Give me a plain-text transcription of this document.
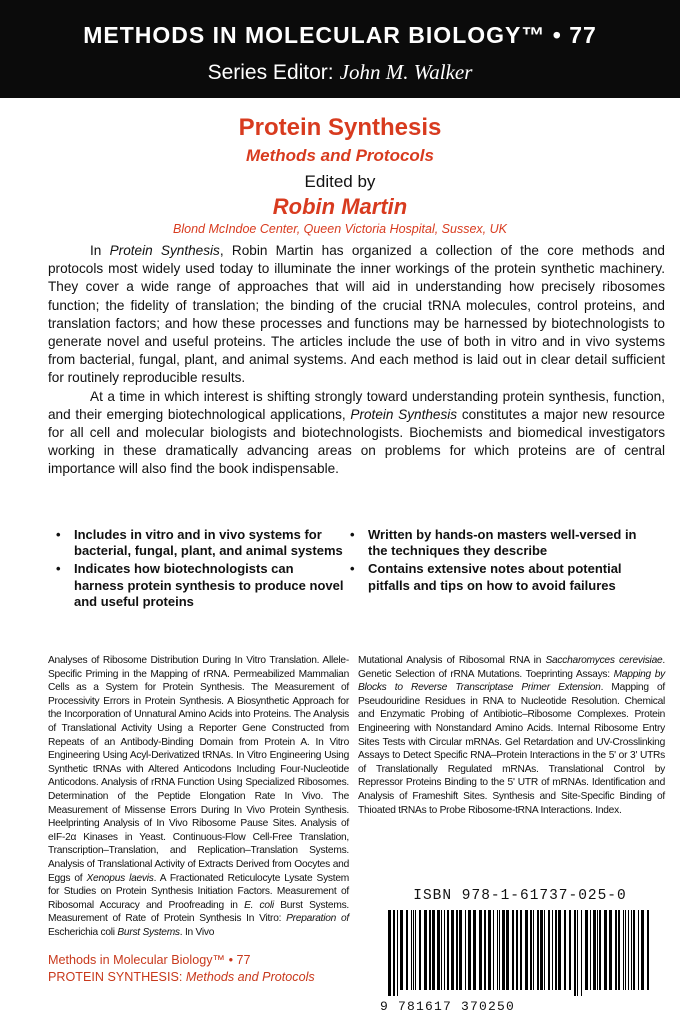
METHODS IN MOLECULAR BIOLOGY™ • 77
Series Editor: John M. Walker
Protein Synthesis
Methods and Protocols
Edited by
Robin Martin
Blond McIndoe Center, Queen Victoria Hospital, Sussex, UK

In Protein Synthesis, Robin Martin has organized a collection of the core methods and protocols most widely used today to illuminate the inner workings of the protein synthetic machinery. They cover a wide range of approaches that will aid in understanding how precisely ribosomes function; the fidelity of translation; the binding of the crucial tRNA molecules, control proteins, and translation factors; and how these processes and functions may be harnessed by biotechnologists to generate novel and useful proteins. The articles include the use of both in vitro and in vivo systems from bacterial, fungal, plant, and animal systems. And each method is laid out in clear detail sufficient for routinely reproducible results.

At a time in which interest is shifting strongly toward understanding protein synthesis, function, and their emerging biotechnological applications, Protein Synthesis constitutes a major new resource for all cell and molecular biologists and biotechnologists. Biochemists and biomedical investigators working in these dramatically advancing areas on problems for which proteins are of central importance will also find the book indispensable.

• Includes in vitro and in vivo systems for bacterial, fungal, plant, and animal systems
• Indicates how biotechnologists can harness protein synthesis to produce novel and useful proteins
• Written by hands-on masters well-versed in the techniques they describe
• Contains extensive notes about potential pitfalls and tips on how to avoid failures
Analyses of Ribosome Distribution During In Vitro Translation. Allele-Specific Priming in the Mapping of rRNA. Permeabilized Mammalian Cells as a System for Protein Synthesis. The Measurement of Processivity Errors in Protein Synthesis. A Biosynthetic Approach for the Incorporation of Unnatural Amino Acids into Proteins. The Analysis of Translational Activity Using a Reporter Gene Constructed from Repeats of an Antibody-Binding Domain from Protein A. In Vitro Engineering Using Acyl-Derivatized tRNAs. In Vitro Engineering Using Synthetic tRNAs with Altered Anticodons Including Four-Nucleotide Anticodons. Analysis of rRNA Function Using Specialized Ribosomes. Determination of the Peptide Elongation Rate In Vivo. The Measurement of Missense Errors During In Vivo Protein Synthesis. Heelprinting Analysis of In Vivo Ribosome Pause Sites. Analysis of eIF-2α Kinases in Yeast. Continuous-Flow Cell-Free Translation, Transcription–Translation, and Replication–Translation Systems. Analysis of Translational Activity of Extracts Derived from Oocytes and Eggs of Xenopus laevis. A Fractionated Reticulocyte Lysate System for Studies on Protein Synthesis Initiation Factors. Measurement of Ribosomal Accuracy and Proofreading in E. coli Burst Systems. Measurement of Rate of Protein Synthesis In Vitro: Preparation of Escherichia coli Burst Systems. In Vivo
Mutational Analysis of Ribosomal RNA in Saccharomyces cerevisiae. Genetic Selection of rRNA Mutations. Toeprinting Assays: Mapping by Blocks to Reverse Transcriptase Primer Extension. Mapping of Pseudouridine Residues in RNA to Nucleotide Resolution. Chemical and Enzymatic Probing of Antibiotic–Ribosome Complexes. Protein Engineering with Nonstandard Amino Acids. Internal Ribosome Entry Sites Tests with Circular mRNAs. Gel Retardation and UV-Crosslinking Assays to Detect Specific RNA–Protein Interactions in the 5' or 3' UTRs of Translationally Regulated mRNAs. Translational Control by Repressor Proteins Binding to the 5' UTR of mRNAs. Identification and Analysis of Frameshift Sites. Synthesis and Site-Specific Binding of Thioated tRNAs to Probe Ribosome-tRNA Interactions. Index.
Methods in Molecular Biology™ • 77
PROTEIN SYNTHESIS: Methods and Protocols
ISBN 978-1-61737-025-0
9 781617 370250
